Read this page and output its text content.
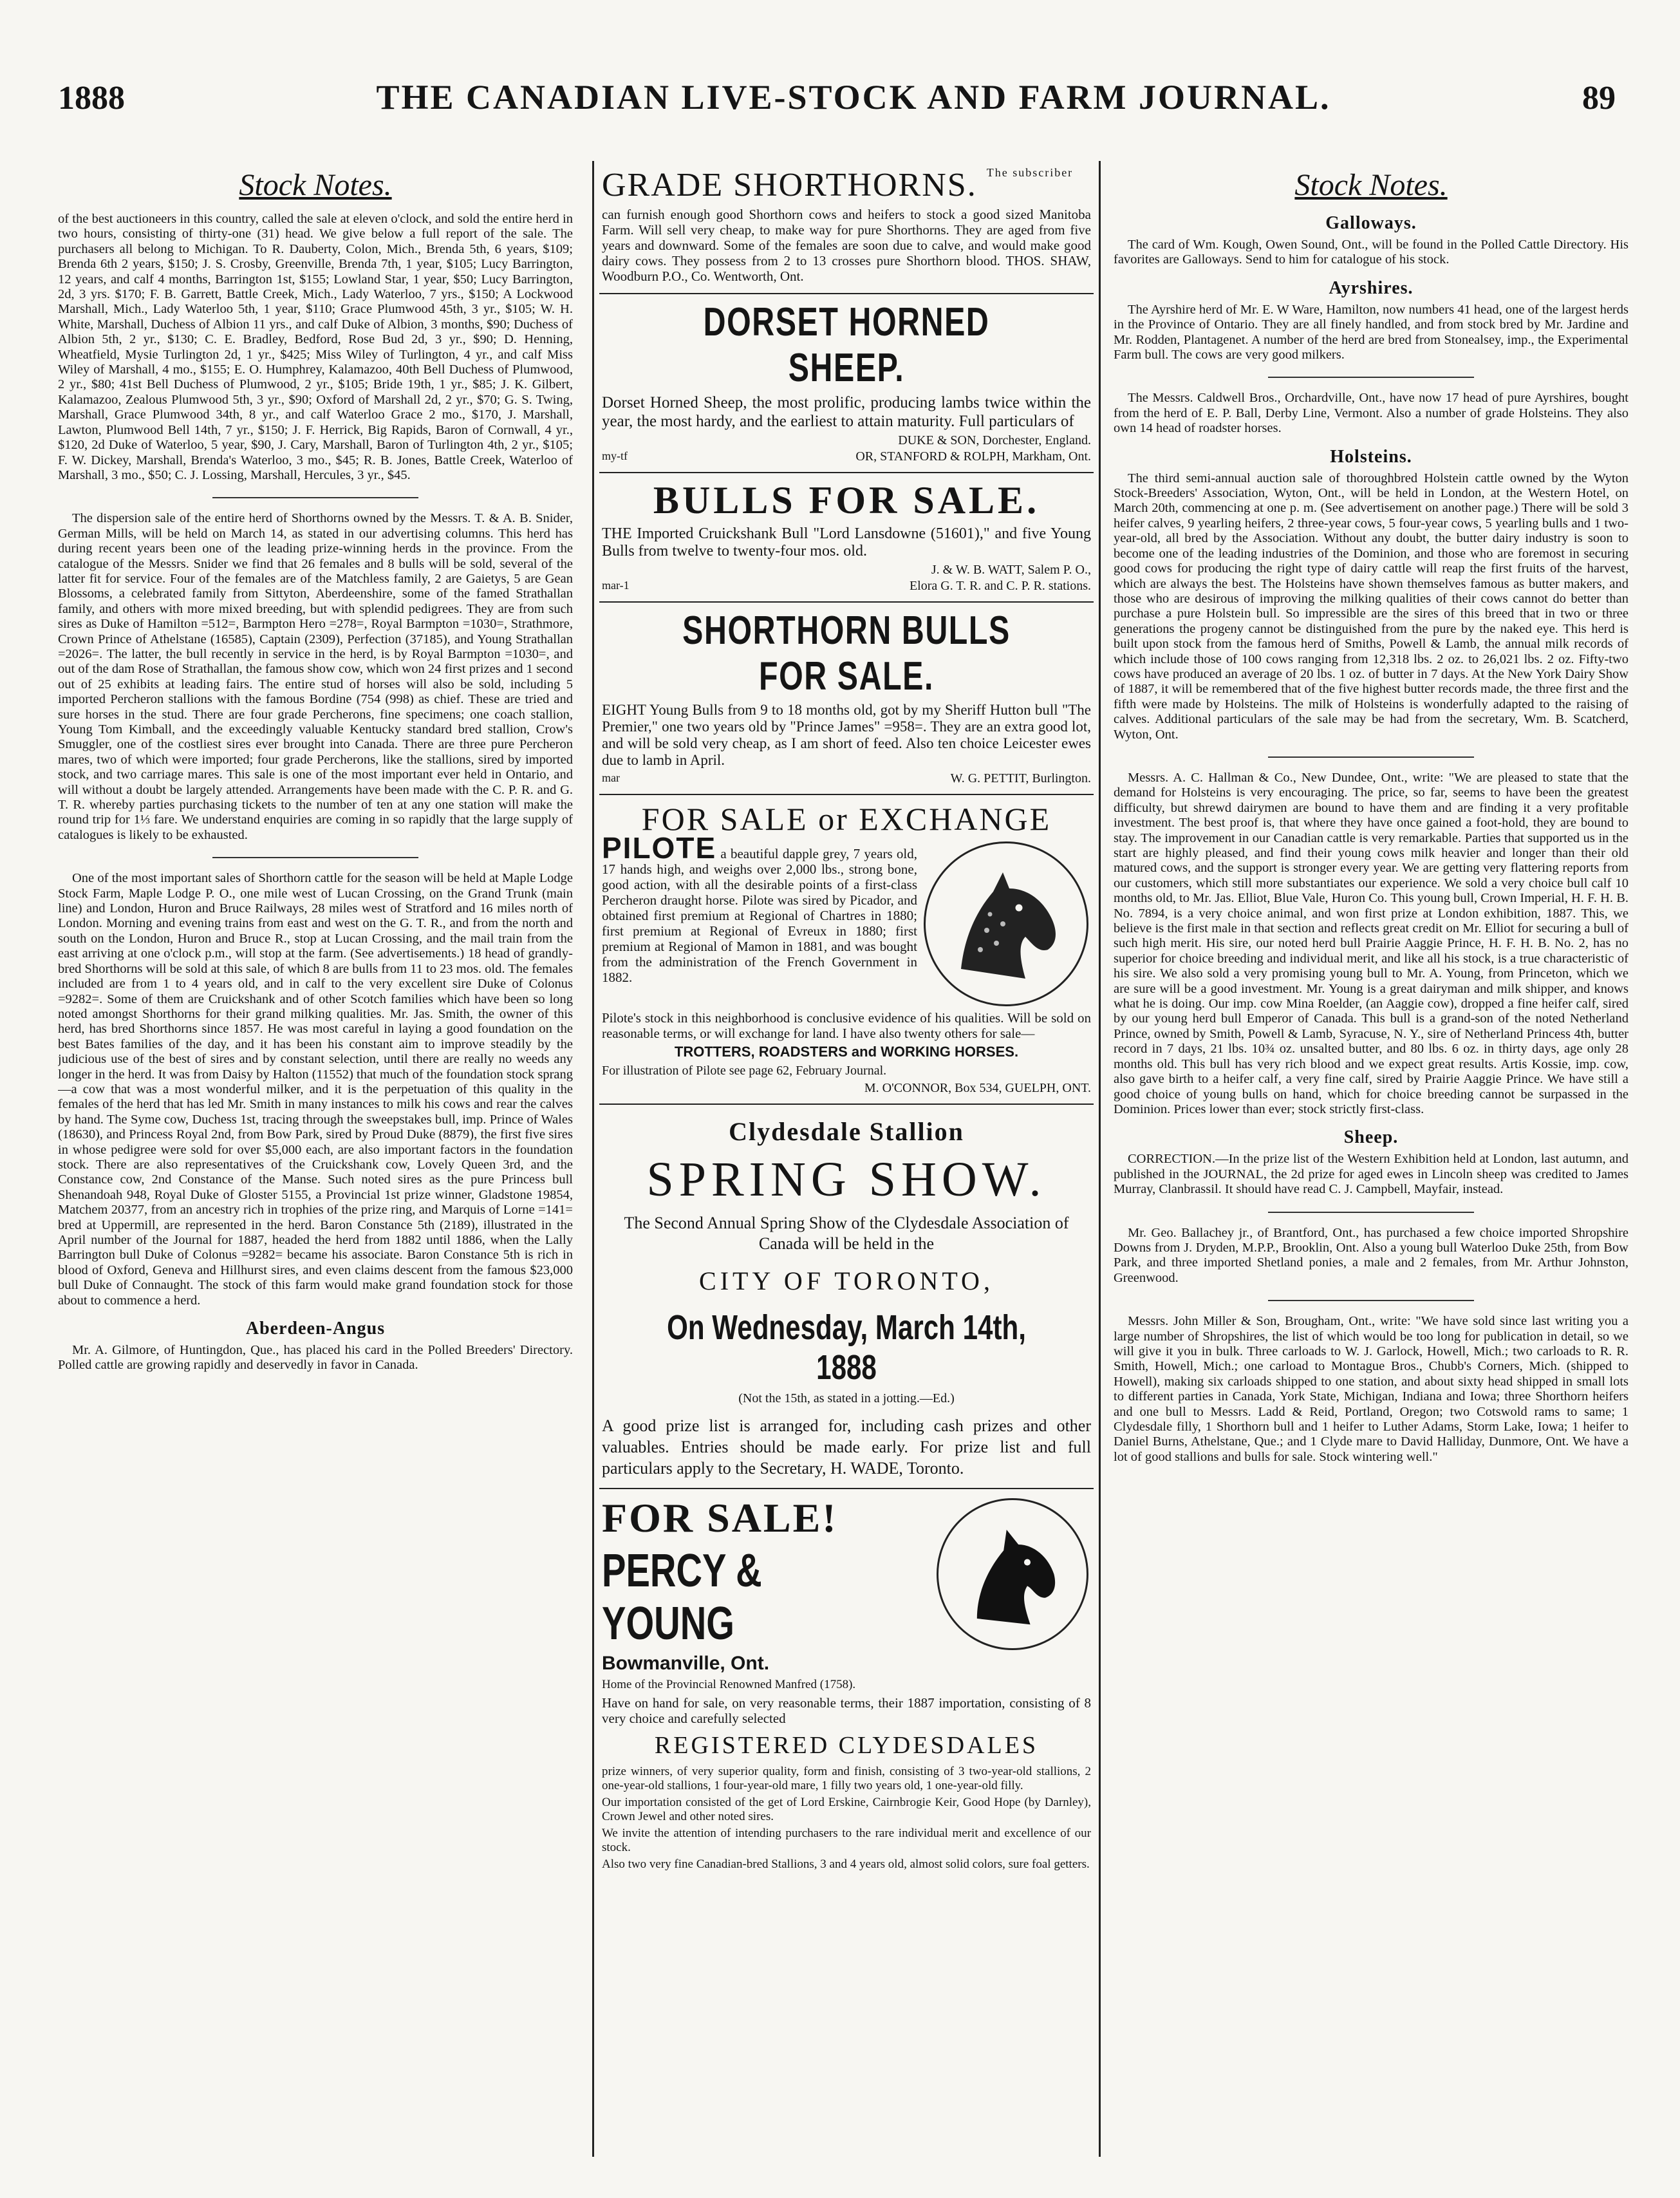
1888	THE CANADIAN LIVE-STOCK AND FARM JOURNAL.	89
Stock Notes.

of the best auctioneers in this country, called the sale at eleven o'clock, and sold the entire herd in two hours, consisting of thirty-one (31) head. We give below a full report of the sale. The purchasers all belong to Michigan. To R. Dauberty, Colon, Mich., Brenda 5th, 6 years, $109; Brenda 6th 2 years, $150; J. S. Crosby, Greenville, Brenda 7th, 1 year, $105; Lucy Barrington, 12 years, and calf 4 months, Barrington 1st, $155; Lowland Star, 1 year, $50; Lucy Barrington, 2d, 3 yrs. $170; F. B. Garrett, Battle Creek, Mich., Lady Waterloo, 7 yrs., $150; A Lockwood Marshall, Mich., Lady Waterloo 5th, 1 year, $110; Grace Plumwood 45th, 3 yr., $105; W. H. White, Marshall, Duchess of Albion 11 yrs., and calf Duke of Albion, 3 months, $90; Duchess of Albion 5th, 2 yr., $130; C. E. Bradley, Bedford, Rose Bud 2d, 3 yr., $90; D. Henning, Wheatfield, Mysie Turlington 2d, 1 yr., $425; Miss Wiley of Turlington, 4 yr., and calf Miss Wiley of Marshall, 4 mo., $155; E. O. Humphrey, Kalamazoo, 40th Bell Duchess of Plumwood, 2 yr., $80; 41st Bell Duchess of Plumwood, 2 yr., $105; Bride 19th, 1 yr., $85; J. K. Gilbert, Kalamazoo, Zealous Plumwood 5th, 3 yr., $90; Oxford of Marshall 2d, 2 yr., $70; G. S. Twing, Marshall, Grace Plumwood 34th, 8 yr., and calf Waterloo Grace 2 mo., $170, J. Marshall, Lawton, Plumwood Bell 14th, 7 yr., $150; J. F. Herrick, Big Rapids, Baron of Cornwall, 4 yr., $120, 2d Duke of Waterloo, 5 year, $90, J. Cary, Marshall, Baron of Turlington 4th, 2 yr., $105; F. W. Dickey, Marshall, Brenda's Waterloo, 3 mo., $45; R. B. Jones, Battle Creek, Waterloo of Marshall, 3 mo., $50; C. J. Lossing, Marshall, Hercules, 3 yr., $45.

The dispersion sale of the entire herd of Shorthorns owned by the Messrs. T. & A. B. Snider, German Mills, will be held on March 14, as stated in our advertising columns. This herd has during recent years been one of the leading prize-winning herds in the province. From the catalogue of the Messrs. Snider we find that 26 females and 8 bulls will be sold, several of the latter fit for service. Four of the females are of the Matchless family, 2 are Gaietys, 5 are Gean Blossoms, a celebrated family from Sittyton, Aberdeenshire, some of the famed Strathallan family, and others with more mixed breeding, but with splendid pedigrees. They are from such sires as Duke of Hamilton =512=, Barmpton Hero =278=, Royal Barmpton =1030=, Strathmore, Crown Prince of Athelstane (16585), Captain (2309), Perfection (37185), and Young Strathallan =2026=. The latter, the bull recently in service in the herd, is by Royal Barmpton =1030=, and out of the dam Rose of Strathallan, the famous show cow, which won 24 first prizes and 1 second out of 25 exhibits at leading fairs. The entire stud of horses will also be sold, including 5 imported Percheron stallions with the famous Bordine (754 (998) as chief. These are tried and sure horses in the stud. There are four grade Percherons, fine specimens; one coach stallion, Young Tom Kimball, and the exceedingly valuable Kentucky standard bred stallion, Crow's Smuggler, one of the costliest sires ever brought into Canada. There are three pure Percheron mares, two of which were imported; four grade Percherons, like the stallions, sired by imported stock, and two carriage mares. This sale is one of the most important ever held in Ontario, and will without a doubt be largely attended. Arrangements have been made with the C. P. R. and G. T. R. whereby parties purchasing tickets to the number of ten at any one station will make the round trip for 1⅓ fare. We understand enquiries are coming in so rapidly that the large supply of catalogues is likely to be exhausted.

One of the most important sales of Shorthorn cattle for the season will be held at Maple Lodge Stock Farm, Maple Lodge P. O., one mile west of Lucan Crossing, on the Grand Trunk (main line) and London, Huron and Bruce Railways, 28 miles west of Stratford and 16 miles north of London. Morning and evening trains from east and west on the G. T. R., and from the north and south on the London, Huron and Bruce R., stop at Lucan Crossing, and the mail train from the east arriving at one o'clock p.m., will stop at the farm. (See advertisements.) 18 head of grandly-bred Shorthorns will be sold at this sale, of which 8 are bulls from 11 to 23 mos. old. The females included are from 1 to 4 years old, and in calf to the very excellent sire Duke of Colonus =9282=. Some of them are Cruickshank and of other Scotch families which have been so long noted amongst Shorthorns for their grand milking qualities. Mr. Jas. Smith, the owner of this herd, has bred Shorthorns since 1857. He was most careful in laying a good foundation on the best Bates families of the day, and it has been his constant aim to improve steadily by the judicious use of the best of sires and by constant selection, until there are really no weeds any longer in the herd. It was from Daisy by Halton (11552) that much of the foundation stock sprang—a cow that was a most wonderful milker, and it is the perpetuation of this quality in the females of the herd that has led Mr. Smith in many instances to milk his cows and rear the calves by hand. The Syme cow, Duchess 1st, tracing through the sweepstakes bull, imp. Prince of Wales (18630), and Princess Royal 2nd, from Bow Park, sired by Proud Duke (8879), the first five sires in whose pedigree were sold for over $5,000 each, are also important factors in the foundation stock. There are also representatives of the Cruickshank cow, Lovely Queen 3rd, and the Constance cow, 2nd Constance of the Manse. Such noted sires as the pure Princess bull Shenandoah 948, Royal Duke of Gloster 5155, a Provincial 1st prize winner, Gladstone 19854, Matchem 20377, from an ancestry rich in trophies of the prize ring, and Marquis of Lorne =141= bred at Uppermill, are represented in the herd. Baron Constance 5th (2189), illustrated in the April number of the Journal for 1887, headed the herd from 1882 until 1886, when the Lally Barrington bull Duke of Colonus =9282= became his associate. Baron Constance 5th is rich in blood of Oxford, Geneva and Hillhurst sires, and even claims descent from the famous $23,000 bull Duke of Connaught. The stock of this farm would make grand foundation stock for those about to commence a herd.

Aberdeen-Angus

Mr. A. Gilmore, of Huntingdon, Que., has placed his card in the Polled Breeders' Directory. Polled cattle are growing rapidly and deservedly in favor in Canada.

GRADE SHORTHORNS. $^{The subscriber}$

can furnish enough good Shorthorn cows and heifers to stock a good sized Manitoba Farm. Will sell very cheap, to make way for pure Shorthorns. They are aged from five years and downward. Some of the females are soon due to calve, and would make good dairy cows. They possess from 2 to 13 crosses pure Shorthorn blood. THOS. SHAW, Woodburn P.O., Co. Wentworth, Ont.

DORSET HORNED SHEEP.

Dorset Horned Sheep, the most prolific, producing lambs twice within the year, the most hardy, and the earliest to attain maturity. Full particulars of

DUKE & SON, Dorchester, England.
my-tf	OR, STANFORD & ROLPH, Markham, Ont.
BULLS FOR SALE.

THE Imported Cruickshank Bull "Lord Lansdowne (51601)," and five Young Bulls from twelve to twenty-four mos. old.

J. & W. B. WATT, Salem P. O.,
mar-1	Elora G. T. R. and C. P. R. stations.
SHORTHORN BULLS FOR SALE.

EIGHT Young Bulls from 9 to 18 months old, got by my Sheriff Hutton bull "The Premier," one two years old by "Prince James" =958=. They are an extra good lot, and will be sold very cheap, as I am short of feed. Also ten choice Leicester ewes due to lamb in April.

mar	W. G. PETTIT, Burlington.
FOR SALE or EXCHANGE

PILOTE a beautiful dapple grey, 7 years old, 17 hands high, and weighs over 2,000 lbs., strong bone, good action, with all the desirable points of a first-class Percheron draught horse. Pilote was sired by Picador, and obtained first premium at Regional of Chartres in 1880; first premium at Regional of Evreux in 1880; first premium at Regional of Mamon in 1881, and was bought from the administration of the French Government in 1882.

Pilote's stock in this neighborhood is conclusive evidence of his qualities. Will be sold on reasonable terms, or will exchange for land. I have also twenty others for sale—

TROTTERS, ROADSTERS and WORKING HORSES.
For illustration of Pilote see page 62, February Journal.
M. O'CONNOR, Box 534, GUELPH, ONT.
Clydesdale Stallion
SPRING SHOW.

The Second Annual Spring Show of the Clydesdale Association of Canada will be held in the

CITY OF TORONTO,
On Wednesday, March 14th, 1888
(Not the 15th, as stated in a jotting.—Ed.)

A good prize list is arranged for, including cash prizes and other valuables. Entries should be made early. For prize list and full particulars apply to the Secretary, H. WADE, Toronto.

FOR SALE!
PERCY & YOUNG
Bowmanville, Ont.
Home of the Provincial Renowned Manfred (1758).

Have on hand for sale, on very reasonable terms, their 1887 importation, consisting of 8 very choice and carefully selected

REGISTERED CLYDESDALES

prize winners, of very superior quality, form and finish, consisting of 3 two-year-old stallions, 2 one-year-old stallions, 1 four-year-old mare, 1 filly two years old, 1 one-year-old filly.

Our importation consisted of the get of Lord Erskine, Cairnbrogie Keir, Good Hope (by Darnley), Crown Jewel and other noted sires.

We invite the attention of intending purchasers to the rare individual merit and excellence of our stock.

Also two very fine Canadian-bred Stallions, 3 and 4 years old, almost solid colors, sure foal getters.

Stock Notes.
Galloways.

The card of Wm. Kough, Owen Sound, Ont., will be found in the Polled Cattle Directory. His favorites are Galloways. Send to him for catalogue of his stock.

Ayrshires.

The Ayrshire herd of Mr. E. W Ware, Hamilton, now numbers 41 head, one of the largest herds in the Province of Ontario. They are all finely handled, and from stock bred by Mr. Jardine and Mr. Rodden, Plantagenet. A number of the herd are bred from Stonealsey, imp., the Experimental Farm bull. The cows are very good milkers.

The Messrs. Caldwell Bros., Orchardville, Ont., have now 17 head of pure Ayrshires, bought from the herd of E. P. Ball, Derby Line, Vermont. Also a number of grade Holsteins. They also own 14 head of roadster horses.

Holsteins.

The third semi-annual auction sale of thoroughbred Holstein cattle owned by the Wyton Stock-Breeders' Association, Wyton, Ont., will be held in London, at the Western Hotel, on March 20th, commencing at one p. m. (See advertisement on another page.) There will be sold 3 heifer calves, 9 yearling heifers, 2 three-year cows, 5 four-year cows, 5 yearling bulls and 1 two-year-old, all bred by the Association. Without any doubt, the butter dairy industry is soon to become one of the leading industries of the Dominion, and those who are foremost in securing good cows for producing the right type of dairy cattle will reap the first fruits of the harvest, which are always the best. The Holsteins have shown themselves famous as butter makers, and those who are desirous of improving the milking qualities of their cows cannot do better than purchase a pure Holstein bull. So impressible are the sires of this breed that in two or three generations the progeny cannot be distinguished from the pure by the naked eye. This herd is built upon stock from the famous herd of Smiths, Powell & Lamb, the annual milk records of which include those of 100 cows ranging from 12,318 lbs. 2 oz. to 26,021 lbs. 2 oz. Fifty-two cows have produced an average of 20 lbs. 1 oz. of butter in 7 days. At the New York Dairy Show of 1887, it will be remembered that of the five highest butter records made, the three first and the fifth were made by Holsteins. The milk of Holsteins is wonderfully adapted to the raising of calves. Additional particulars of the sale may be had from the secretary, Wm. B. Scatcherd, Wyton, Ont.

Messrs. A. C. Hallman & Co., New Dundee, Ont., write: "We are pleased to state that the demand for Holsteins is very encouraging. The price, so far, seems to have been the greatest difficulty, but shrewd dairymen are bound to have them and are finding it a very profitable investment. The best proof is, that where they have once gained a foot-hold, they are bound to stay. The improvement in our Canadian cattle is very remarkable. Parties that supported us in the start are highly pleased, and find their young cows milk heavier and longer than their old matured cows, and the support is stronger every year. We are getting very flattering reports from our customers, which still more substantiates our experience. We sold a very choice bull calf 10 months old, to Mr. Jas. Elliot, Blue Vale, Huron Co. This young bull, Crown Imperial, H. F. H. B. No. 7894, is a very choice animal, and won first prize at London exhibition, 1887. This, we believe is the first male in that section and reflects great credit on Mr. Elliot for securing a bull of such high merit. His sire, our noted herd bull Prairie Aaggie Prince, H. F. H. B. No. 2, has no superior for choice breeding and individual merit, and like all his stock, is a true characteristic of his sire. We also sold a very promising young bull to Mr. A. Young, from Princeton, which we are sure will be a good investment. Mr. Young is a great dairyman and milk shipper, and knows what he is doing. Our imp. cow Mina Roelder, (an Aaggie cow), dropped a fine heifer calf, sired by our young herd bull Emperor of Canada. This bull is a grand-son of the noted Netherland Prince, owned by Smith, Powell & Lamb, Syracuse, N. Y., sire of Netherland Princess 4th, butter record in 7 days, 21 lbs. 10¾ oz. unsalted butter, and 80 lbs. 6 oz. in thirty days, age only 28 months old. This bull has very rich blood and we expect great results. Artis Kossie, imp. cow, also gave birth to a heifer calf, a very fine calf, sired by Prairie Aaggie Prince. We have still a good choice of young bulls on hand, which for choice breeding cannot be surpassed in the Dominion. Prices lower than ever; stock strictly first-class.

Sheep.

CORRECTION.—In the prize list of the Western Exhibition held at London, last autumn, and published in the JOURNAL, the 2d prize for aged ewes in Lincoln sheep was credited to James Murray, Clanbrassil. It should have read C. J. Campbell, Mayfair, instead.

Mr. Geo. Ballachey jr., of Brantford, Ont., has purchased a few choice imported Shropshire Downs from J. Dryden, M.P.P., Brooklin, Ont. Also a young bull Waterloo Duke 25th, from Bow Park, and three imported Shetland ponies, a male and 2 females, from Mr. Arthur Johnston, Greenwood.

Messrs. John Miller & Son, Brougham, Ont., write: "We have sold since last writing you a large number of Shropshires, the list of which would be too long for publication in detail, so we will give it you in bulk. Three carloads to W. J. Garlock, Howell, Mich.; two carloads to R. R. Smith, Howell, Mich.; one carload to Montague Bros., Chubb's Corners, Mich. (shipped to Howell), making six carloads shipped to one station, and about sixty head shipped in small lots to different parties in Canada, York State, Michigan, Indiana and Iowa; three Shorthorn heifers and one bull to Messrs. Ladd & Reid, Portland, Oregon; two Cotswold rams to same; 1 Clydesdale filly, 1 Shorthorn bull and 1 heifer to Luther Adams, Storm Lake, Iowa; 1 heifer to Daniel Burns, Athelstane, Que.; and 1 Clyde mare to David Halliday, Dunmore, Ont. We have a lot of good stallions and bulls for sale. Stock wintering well."
